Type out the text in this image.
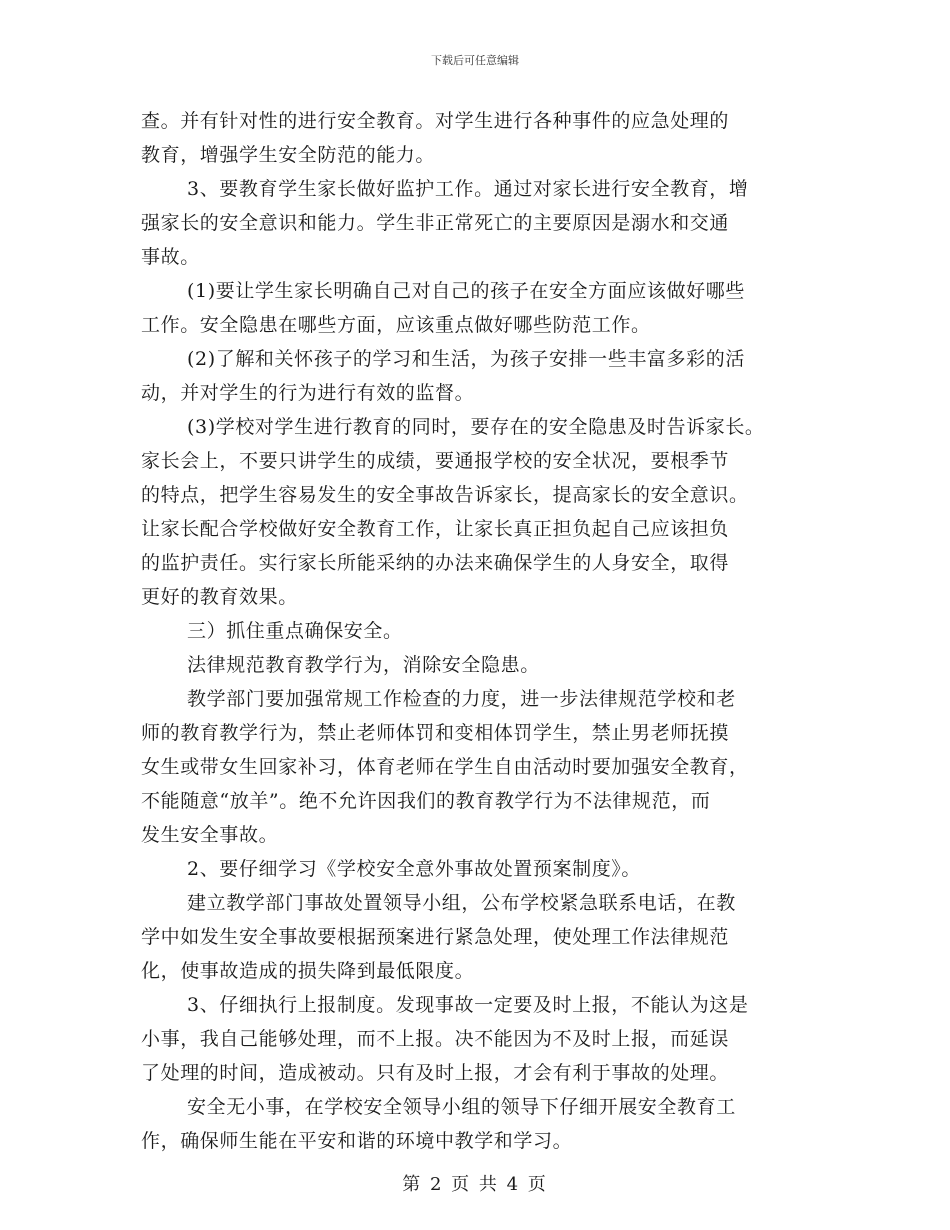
下载后可任意编辑
查。并有针对性的进行安全教育。对学生进行各种事件的应急处理的
教育，增强学生安全防范的能力。
3、要教育学生家长做好监护工作。通过对家长进行安全教育，增
强家长的安全意识和能力。学生非正常死亡的主要原因是溺水和交通
事故。
(1)要让学生家长明确自己对自己的孩子在安全方面应该做好哪些
工作。安全隐患在哪些方面，应该重点做好哪些防范工作。
(2)了解和关怀孩子的学习和生活，为孩子安排一些丰富多彩的活
动，并对学生的行为进行有效的监督。
(3)学校对学生进行教育的同时，要存在的安全隐患及时告诉家长。
家长会上，不要只讲学生的成绩，要通报学校的安全状况，要根季节
的特点，把学生容易发生的安全事故告诉家长，提高家长的安全意识。
让家长配合学校做好安全教育工作，让家长真正担负起自己应该担负
的监护责任。实行家长所能采纳的办法来确保学生的人身安全，取得
更好的教育效果。
三）抓住重点确保安全。
法律规范教育教学行为，消除安全隐患。
教学部门要加强常规工作检查的力度，进一步法律规范学校和老
师的教育教学行为，禁止老师体罚和变相体罚学生，禁止男老师抚摸
女生或带女生回家补习，体育老师在学生自由活动时要加强安全教育，
不能随意“放羊”。绝不允许因我们的教育教学行为不法律规范，而
发生安全事故。
2、要仔细学习《学校安全意外事故处置预案制度》。
建立教学部门事故处置领导小组，公布学校紧急联系电话，在教
学中如发生安全事故要根据预案进行紧急处理，使处理工作法律规范
化，使事故造成的损失降到最低限度。
3、仔细执行上报制度。发现事故一定要及时上报，不能认为这是
小事，我自己能够处理，而不上报。决不能因为不及时上报，而延误
了处理的时间，造成被动。只有及时上报，才会有利于事故的处理。
安全无小事，在学校安全领导小组的领导下仔细开展安全教育工
作，确保师生能在平安和谐的环境中教学和学习。
第 2 页 共 4 页
